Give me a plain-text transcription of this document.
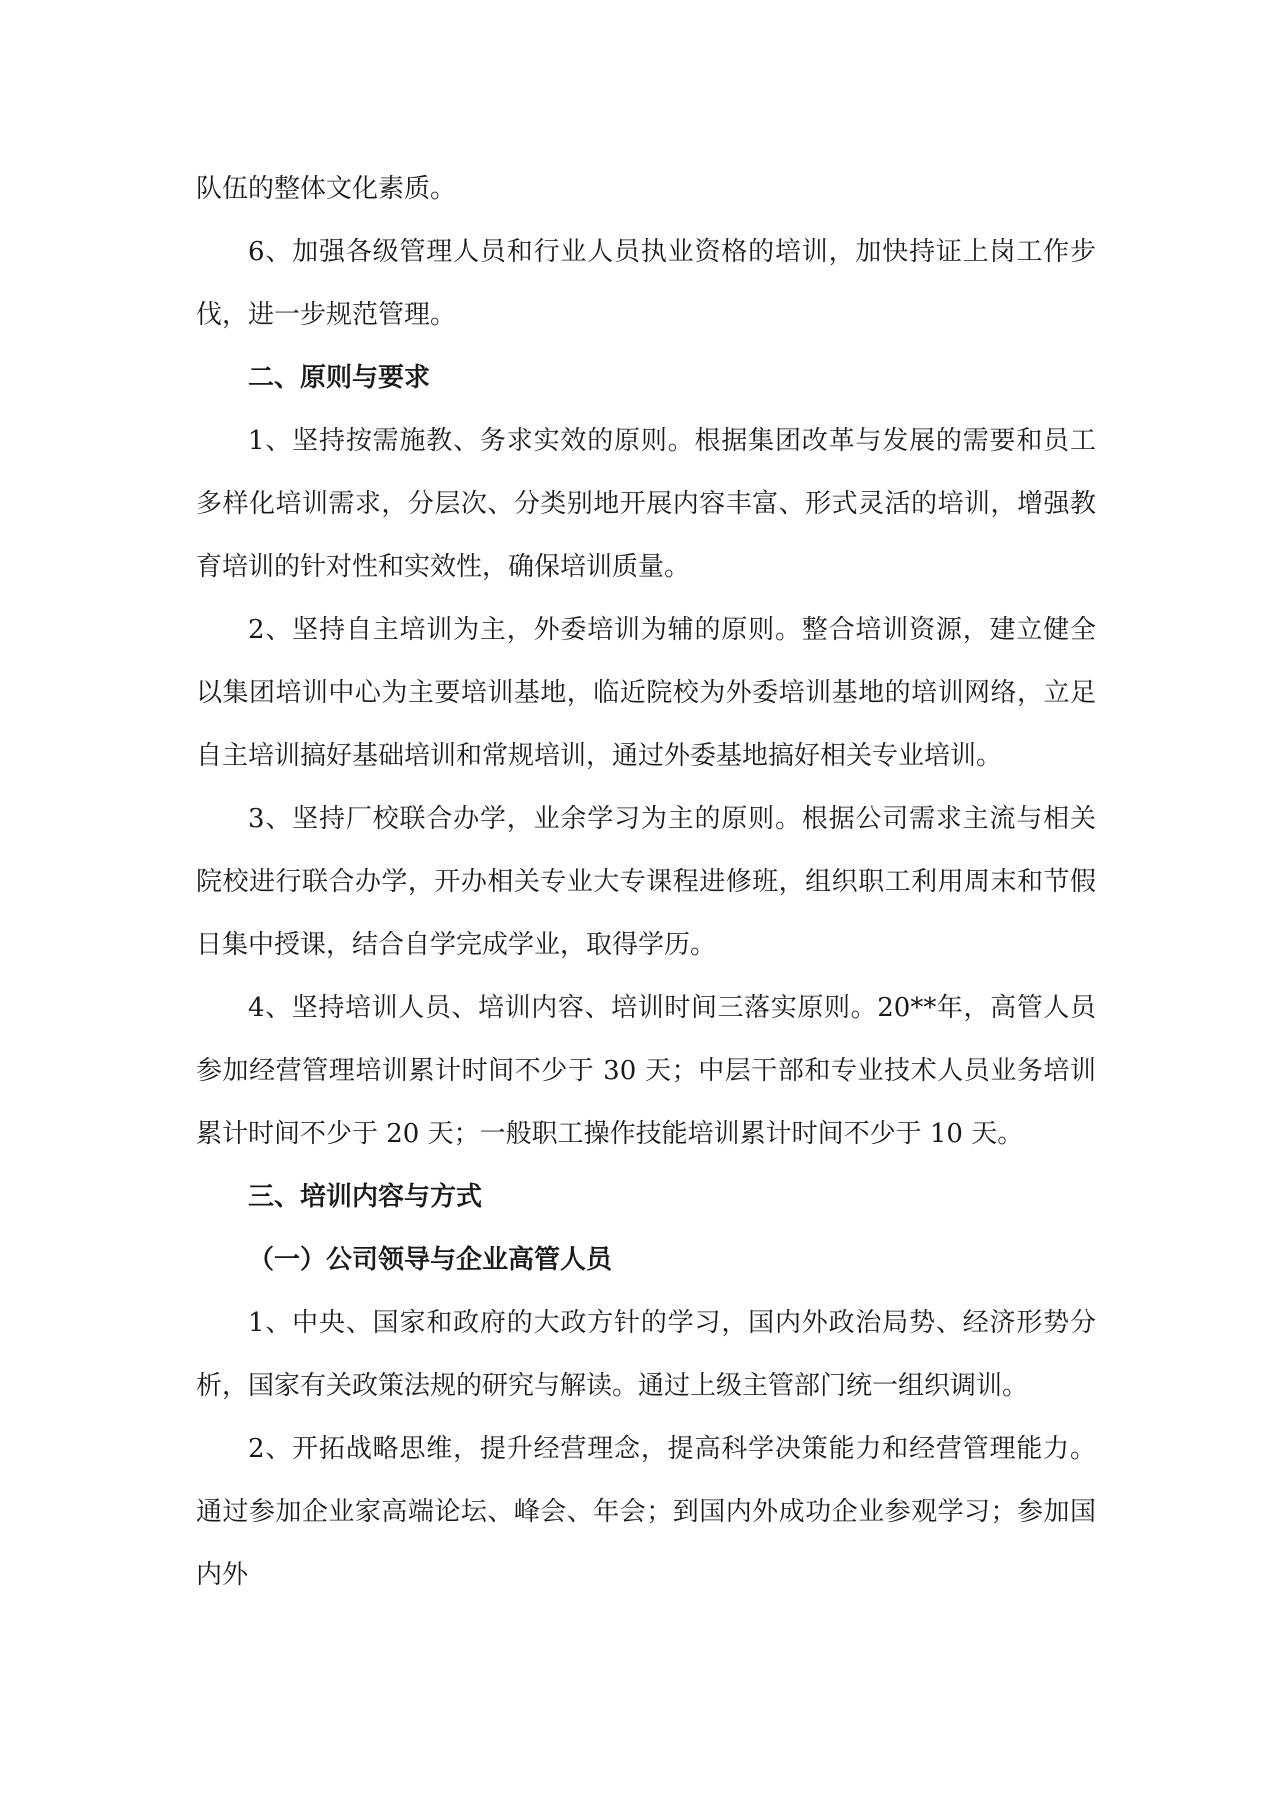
队伍的整体文化素质。

6、加强各级管理人员和行业人员执业资格的培训，加快持证上岗工作步伐，进一步规范管理。

二、原则与要求

1、坚持按需施教、务求实效的原则。根据集团改革与发展的需要和员工多样化培训需求，分层次、分类别地开展内容丰富、形式灵活的培训，增强教育培训的针对性和实效性，确保培训质量。

2、坚持自主培训为主，外委培训为辅的原则。整合培训资源，建立健全以集团培训中心为主要培训基地，临近院校为外委培训基地的培训网络，立足自主培训搞好基础培训和常规培训，通过外委基地搞好相关专业培训。

3、坚持厂校联合办学，业余学习为主的原则。根据公司需求主流与相关院校进行联合办学，开办相关专业大专课程进修班，组织职工利用周末和节假日集中授课，结合自学完成学业，取得学历。

4、坚持培训人员、培训内容、培训时间三落实原则。20**年，高管人员参加经营管理培训累计时间不少于 30 天；中层干部和专业技术人员业务培训累计时间不少于 20 天；一般职工操作技能培训累计时间不少于 10 天。

三、培训内容与方式

（一）公司领导与企业高管人员

1、中央、国家和政府的大政方针的学习，国内外政治局势、经济形势分析，国家有关政策法规的研究与解读。通过上级主管部门统一组织调训。

2、开拓战略思维，提升经营理念，提高科学决策能力和经营管理能力。通过参加企业家高端论坛、峰会、年会；到国内外成功企业参观学习；参加国内外
